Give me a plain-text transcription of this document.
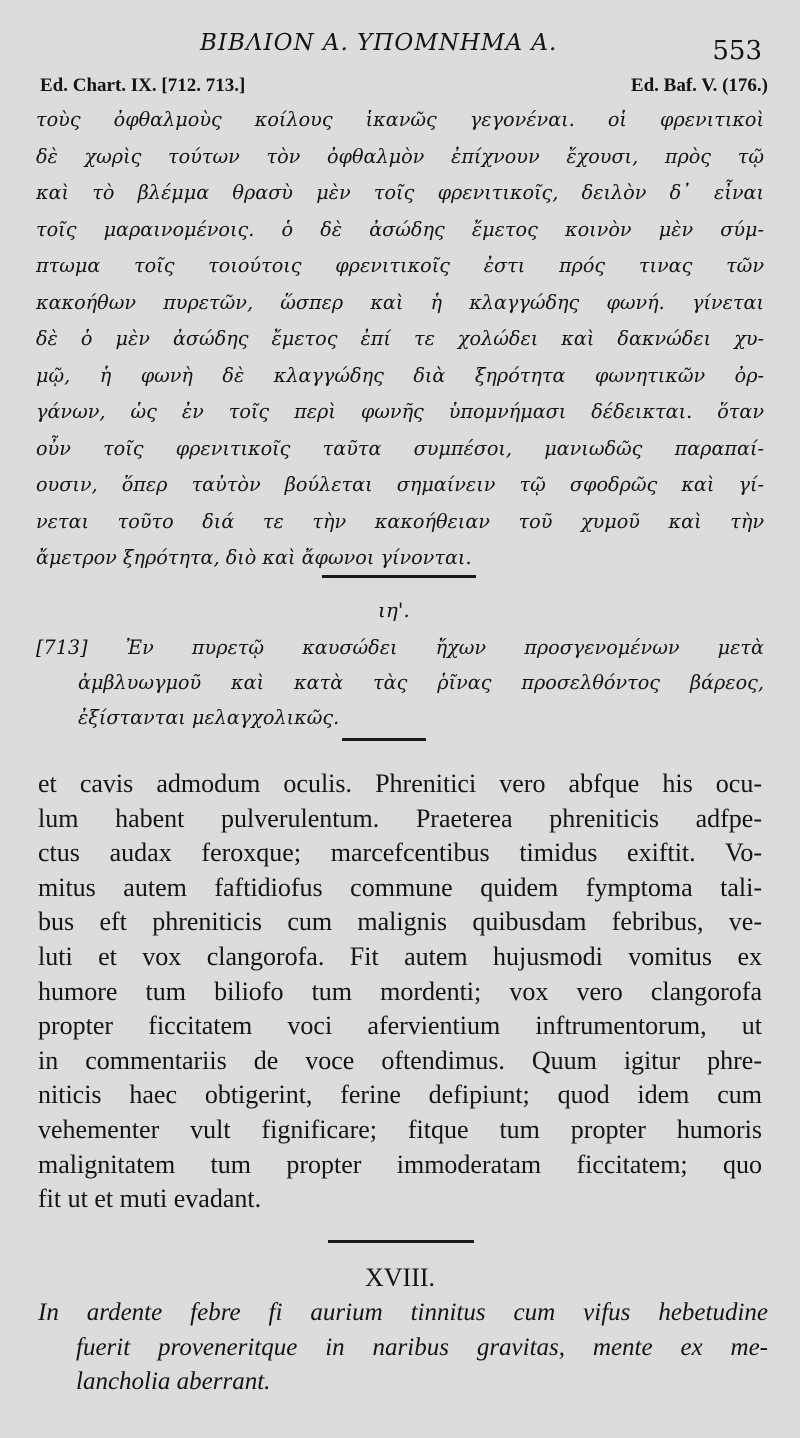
ΒΙΒΛΙΟΝ Α. ΥΠΟΜΝΗΜΑ Α.	553
Ed. Chart. IX. [712. 713.]	Ed. Baf. V. (176.)
τοὺς ὀφθαλμοὺς κοίλους ἱκανῶς γεγονέναι. οἱ φρενιτικοὶ
δὲ χωρὶς τούτων τὸν ὀφθαλμὸν ἐπίχνουν ἔχουσι, πρὸς τῷ
καὶ τὸ βλέμμα θρασὺ μὲν τοῖς φρενιτικοῖς, δειλὸν δ᾽ εἶναι
τοῖς μαραινομένοις. ὁ δὲ ἀσώδης ἔμετος κοινὸν μὲν σύμ-
πτωμα τοῖς τοιούτοις φρενιτικοῖς ἐστι πρός τινας τῶν
κακοήθων πυρετῶν, ὥσπερ καὶ ἡ κλαγγώδης φωνή. γίνεται
δὲ ὁ μὲν ἀσώδης ἔμετος ἐπί τε χολώδει καὶ δακνώδει χυ-
μῷ, ἡ φωνὴ δὲ κλαγγώδης διὰ ξηρότητα φωνητικῶν ὀρ-
γάνων, ὡς ἐν τοῖς περὶ φωνῆς ὑπομνήμασι δέδεικται. ὅταν
οὖν τοῖς φρενιτικοῖς ταῦτα συμπέσοι, μανιωδῶς παραπαί-
ουσιν, ὅπερ ταὐτὸν βούλεται σημαίνειν τῷ σφοδρῶς καὶ γί-
νεται τοῦτο διά τε τὴν κακοήθειαν τοῦ χυμοῦ καὶ τὴν
ἄμετρον ξηρότητα, διὸ καὶ ἄφωνοι γίνονται.
ιη'.
[713] Ἐν πυρετῷ καυσώδει ἤχων προσγενομένων μετὰ
ἀμβλυωγμοῦ καὶ κατὰ τὰς ῥῖνας προσελθόντος βάρεος,
ἐξίστανται μελαγχολικῶς.
et cavis admodum oculis. Phrenitici vero abfque his ocu-
lum habent pulverulentum. Praeterea phreniticis adfpe-
ctus audax feroxque; marcefcentibus timidus exiftit. Vo-
mitus autem faftidiofus commune quidem fymptoma tali-
bus eft phreniticis cum malignis quibusdam febribus, ve-
luti et vox clangorofa. Fit autem hujusmodi vomitus ex
humore tum biliofo tum mordenti; vox vero clangorofa
propter ficcitatem voci afervientium inftrumentorum, ut
in commentariis de voce oftendimus. Quum igitur phre-
niticis haec obtigerint, ferine defipiunt; quod idem cum
vehementer vult fignificare; fitque tum propter humoris
malignitatem tum propter immoderatam ficcitatem; quo
fit ut et muti evadant.
XVIII.
In ardente febre fi aurium tinnitus cum vifus hebetudine
fuerit proveneritque in naribus gravitas, mente ex me-
lancholia aberrant.
